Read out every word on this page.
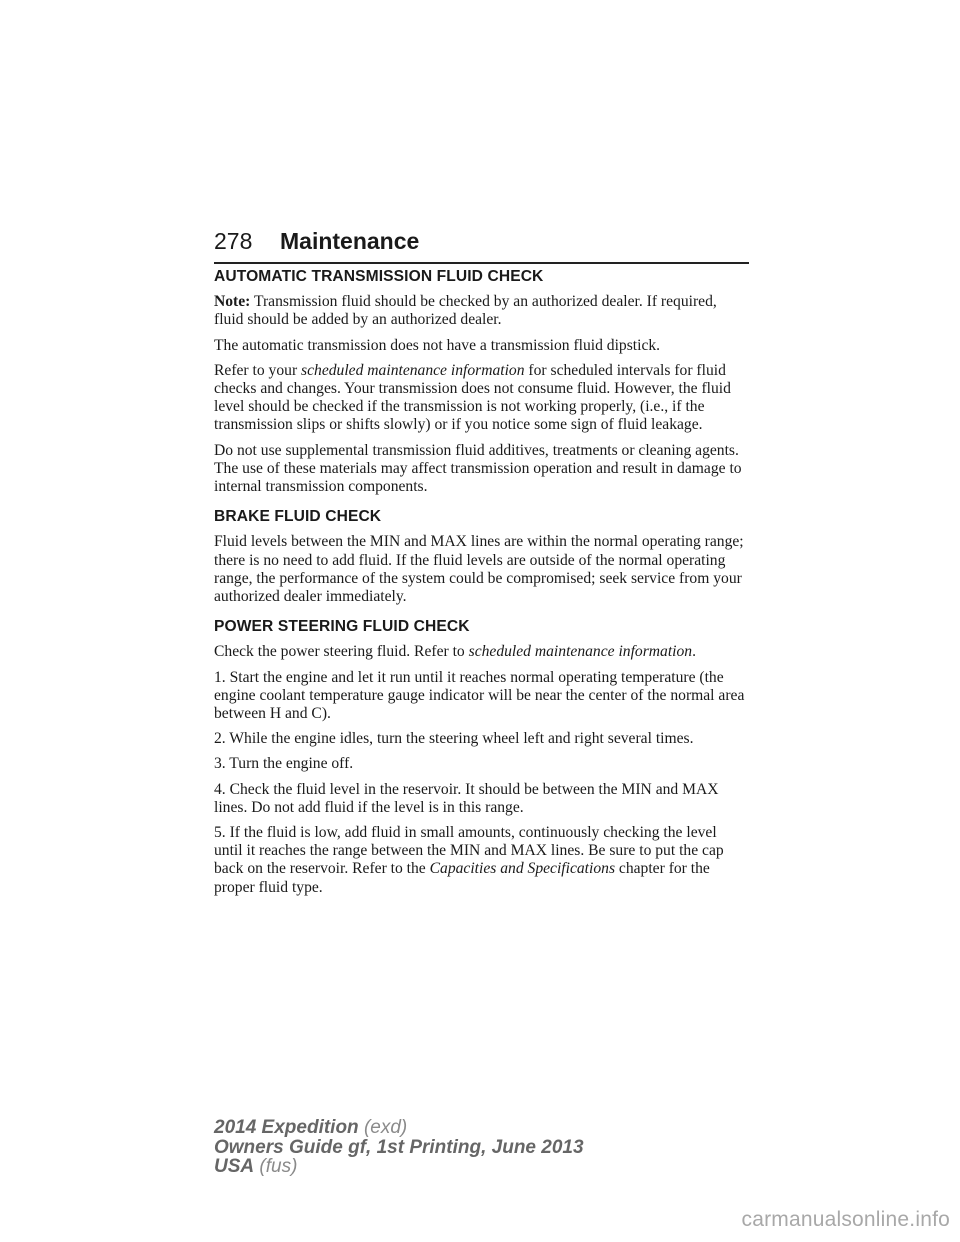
278 Maintenance
AUTOMATIC TRANSMISSION FLUID CHECK

Note: Transmission fluid should be checked by an authorized dealer. If required, fluid should be added by an authorized dealer.

The automatic transmission does not have a transmission fluid dipstick.

Refer to your scheduled maintenance information for scheduled intervals for fluid checks and changes. Your transmission does not consume fluid. However, the fluid level should be checked if the transmission is not working properly, (i.e., if the transmission slips or shifts slowly) or if you notice some sign of fluid leakage.

Do not use supplemental transmission fluid additives, treatments or cleaning agents. The use of these materials may affect transmission operation and result in damage to internal transmission components.

BRAKE FLUID CHECK

Fluid levels between the MIN and MAX lines are within the normal operating range; there is no need to add fluid. If the fluid levels are outside of the normal operating range, the performance of the system could be compromised; seek service from your authorized dealer immediately.

POWER STEERING FLUID CHECK

Check the power steering fluid. Refer to scheduled maintenance information.

1. Start the engine and let it run until it reaches normal operating temperature (the engine coolant temperature gauge indicator will be near the center of the normal area between H and C).

2. While the engine idles, turn the steering wheel left and right several times.

3. Turn the engine off.

4. Check the fluid level in the reservoir. It should be between the MIN and MAX lines. Do not add fluid if the level is in this range.

5. If the fluid is low, add fluid in small amounts, continuously checking the level until it reaches the range between the MIN and MAX lines. Be sure to put the cap back on the reservoir. Refer to the Capacities and Specifications chapter for the proper fluid type.

2014 Expedition (exd)
Owners Guide gf, 1st Printing, June 2013
USA (fus)
carmanualsonline.info
